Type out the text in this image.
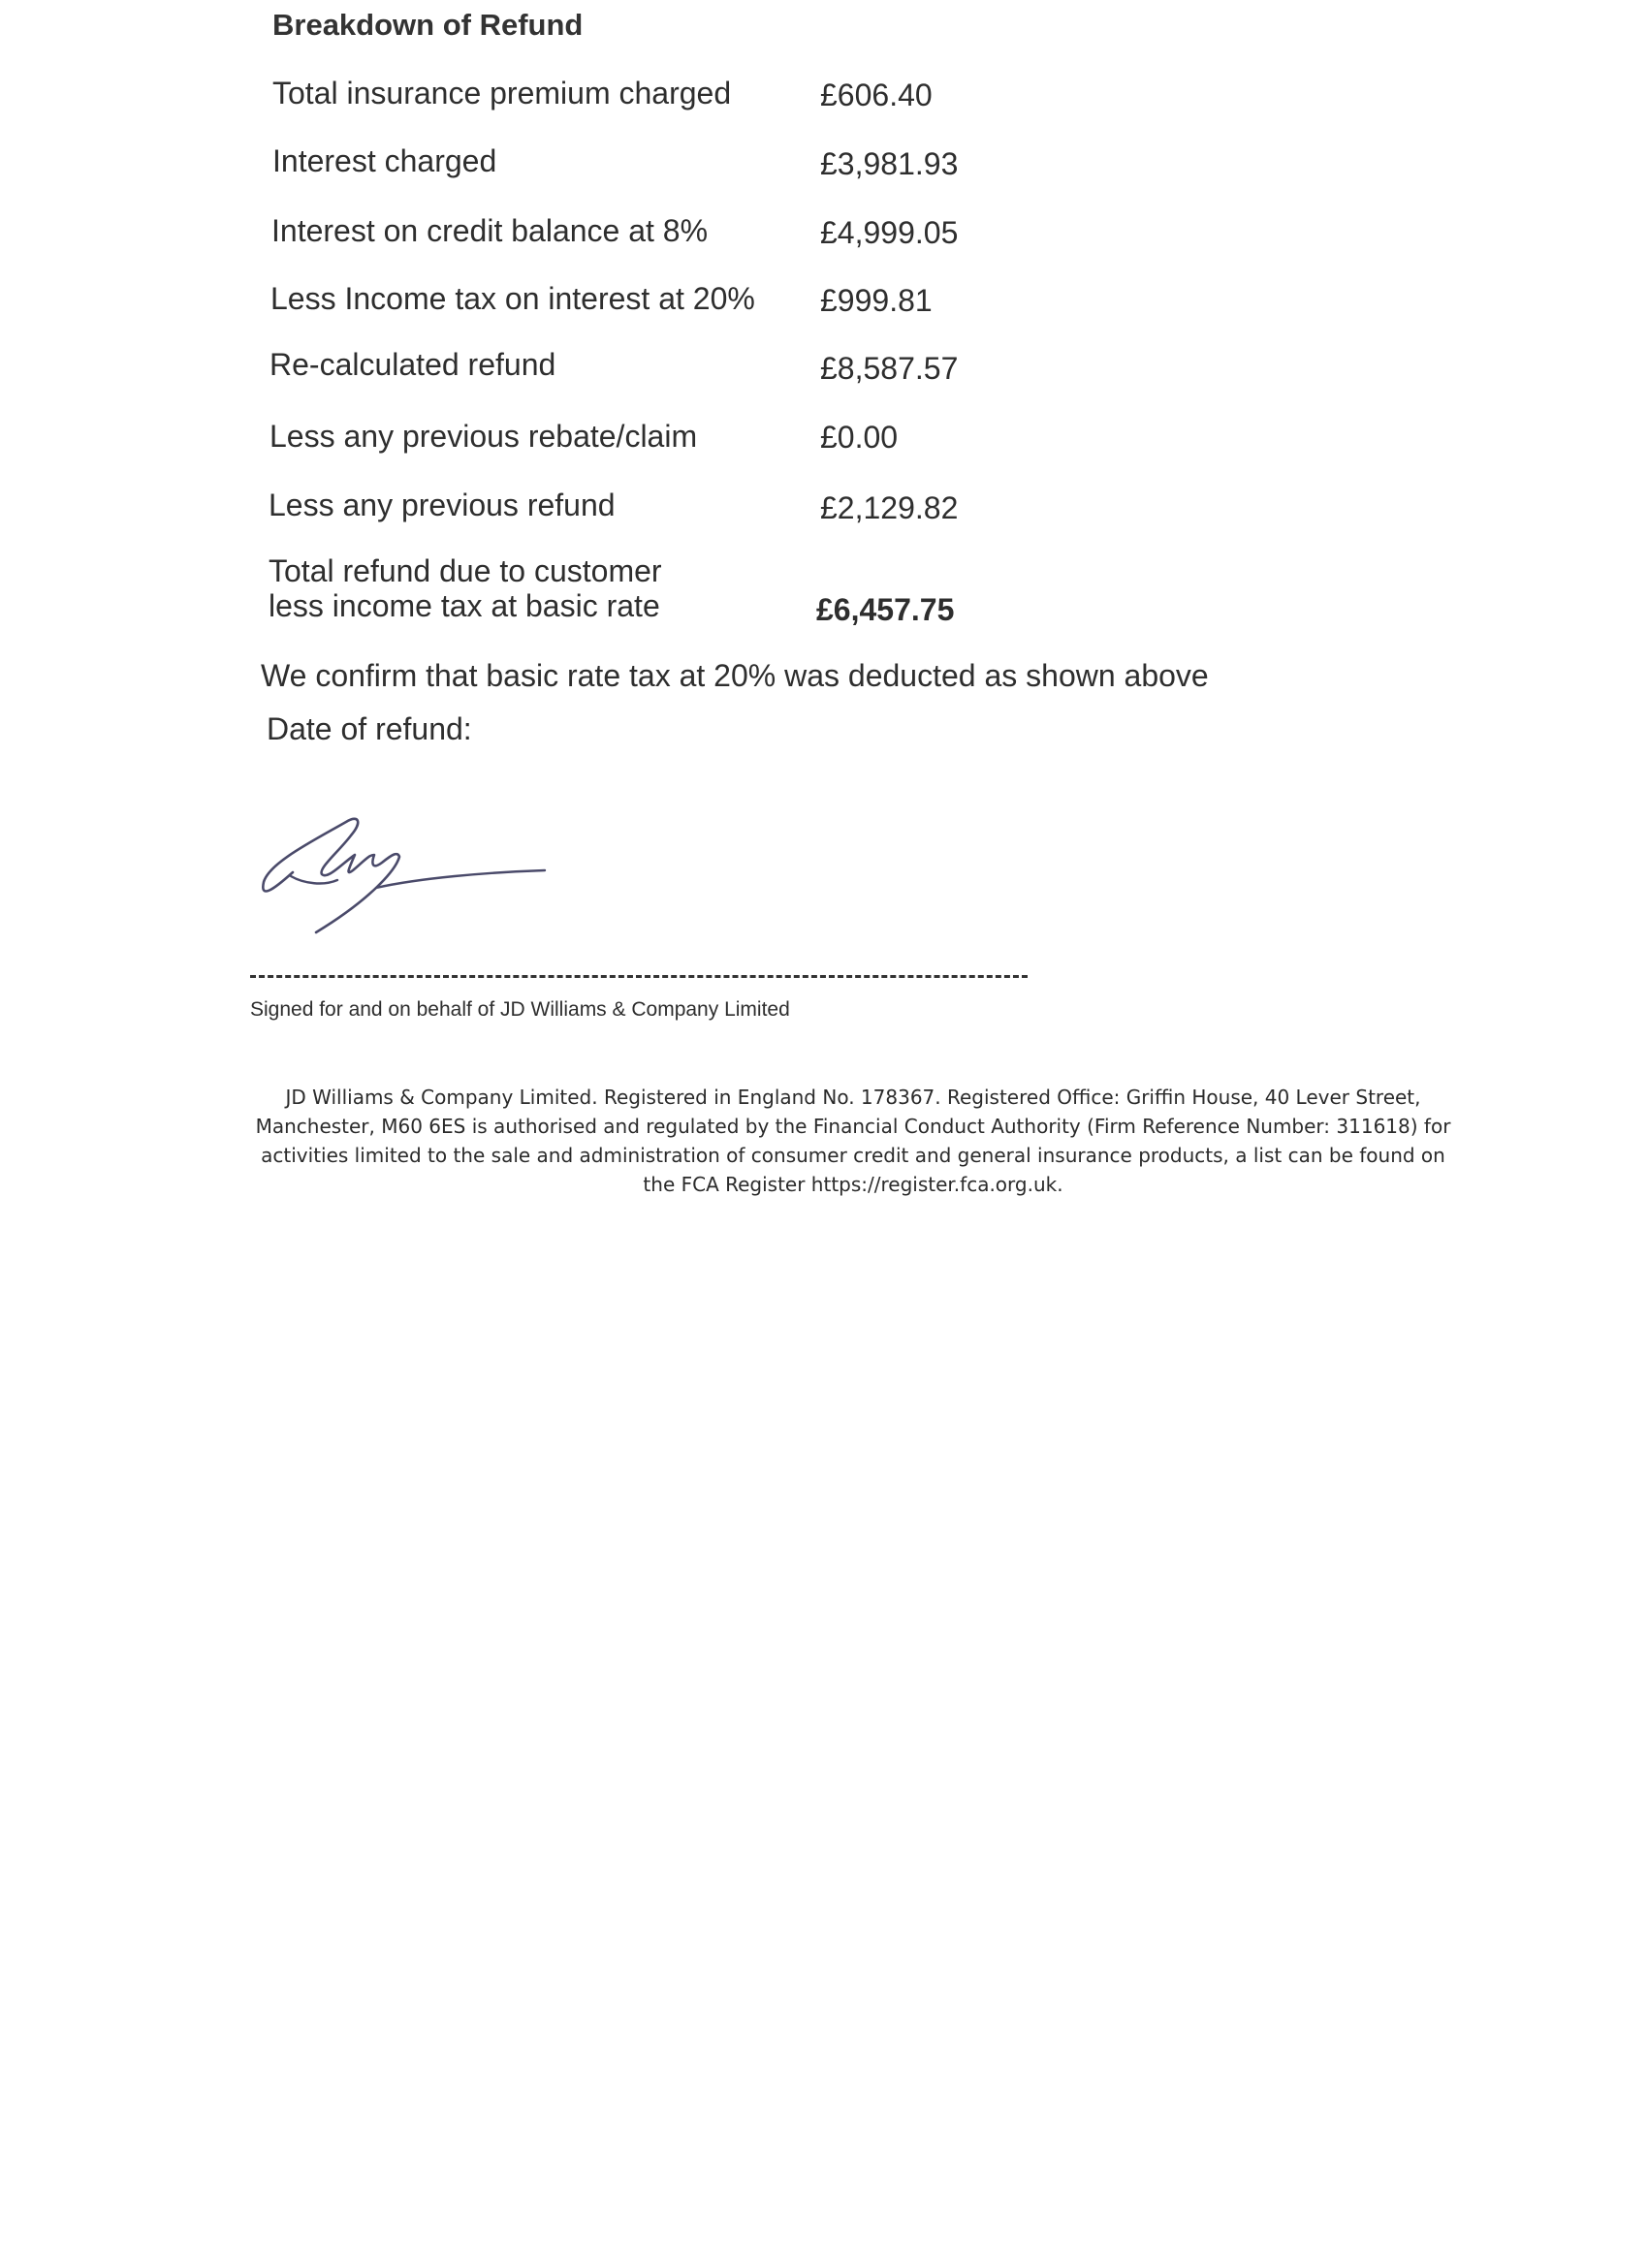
Breakdown of Refund
Total insurance premium charged	£606.40
Interest charged	£3,981.93
Interest on credit balance at 8%	£4,999.05
Less Income tax on interest at 20% £999.81
Re-calculated refund	£8,587.57
Less any previous rebate/claim	£0.00
Less any previous refund	£2,129.82
Total refund due to customer
less income tax at basic rate	£6,457.75
We confirm that basic rate tax at 20% was deducted as shown above
Date of refund:
Signed for and on behalf of JD Williams & Company Limited
JD Williams & Company Limited. Registered in England No. 178367. Registered Office: Griffin House, 40 Lever Street,
Manchester, M60 6ES is authorised and regulated by the Financial Conduct Authority (Firm Reference Number: 311618) for
activities limited to the sale and administration of consumer credit and general insurance products, a list can be found on
the FCA Register https://register.fca.org.uk.
